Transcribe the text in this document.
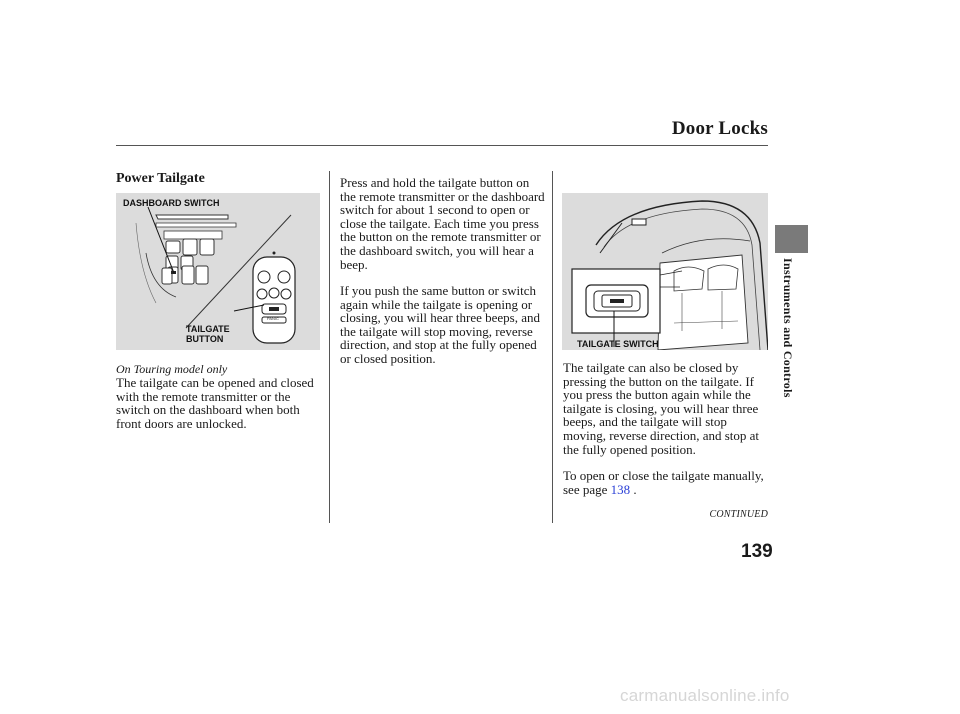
Door Locks
Power Tailgate
DASHBOARD SWITCH
TAILGATE
BUTTON
PANIC
On Touring model only

The tailgate can be opened and closed with the remote transmitter or the switch on the dashboard when both front doors are unlocked.

Press and hold the tailgate button on the remote transmitter or the dashboard switch for about 1 second to open or close the tailgate. Each time you press the button on the remote transmitter or the dashboard switch, you will hear a beep.

If you push the same button or switch again while the tailgate is opening or closing, you will hear three beeps, and the tailgate will stop moving, reverse direction, and stop at the fully opened or closed position.

TAILGATE SWITCH

The tailgate can also be closed by pressing the button on the tailgate. If you press the button again while the tailgate is closing, you will hear three beeps, and the tailgate will stop moving, reverse direction, and stop at the fully opened position.

To open or close the tailgate manually, see page 138 .

CONTINUED
139
Instruments and Controls
carmanualsonline.info
